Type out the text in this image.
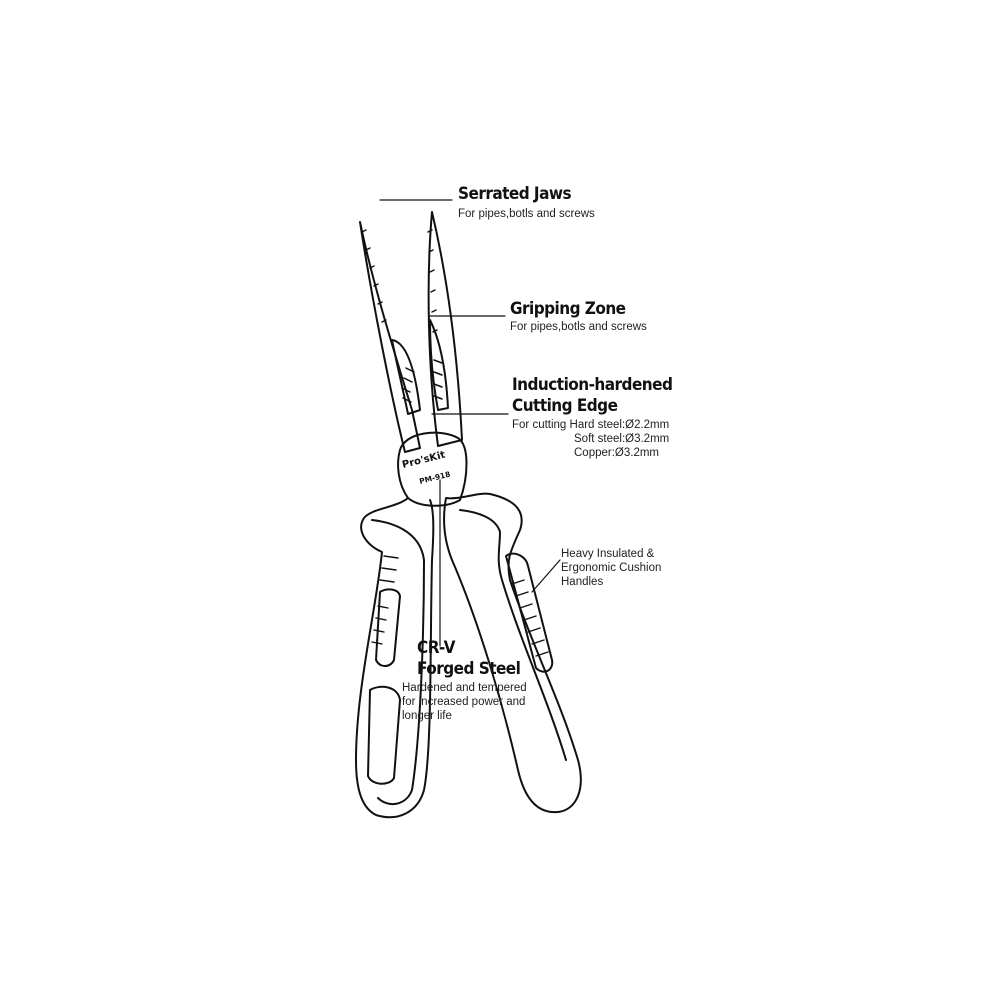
Pro'sKit
PM-918
Serrated Jaws
For pipes,botls and screws
Gripping Zone
For pipes,botls and screws
Induction-hardened
Cutting Edge
For cutting Hard steel:Ø2.2mm
Soft steel:Ø3.2mm
Copper:Ø3.2mm
Heavy Insulated &
Ergonomic Cushion
Handles
CR-V
Forged Steel
Hardened and tempered
for increased power and
longer life
